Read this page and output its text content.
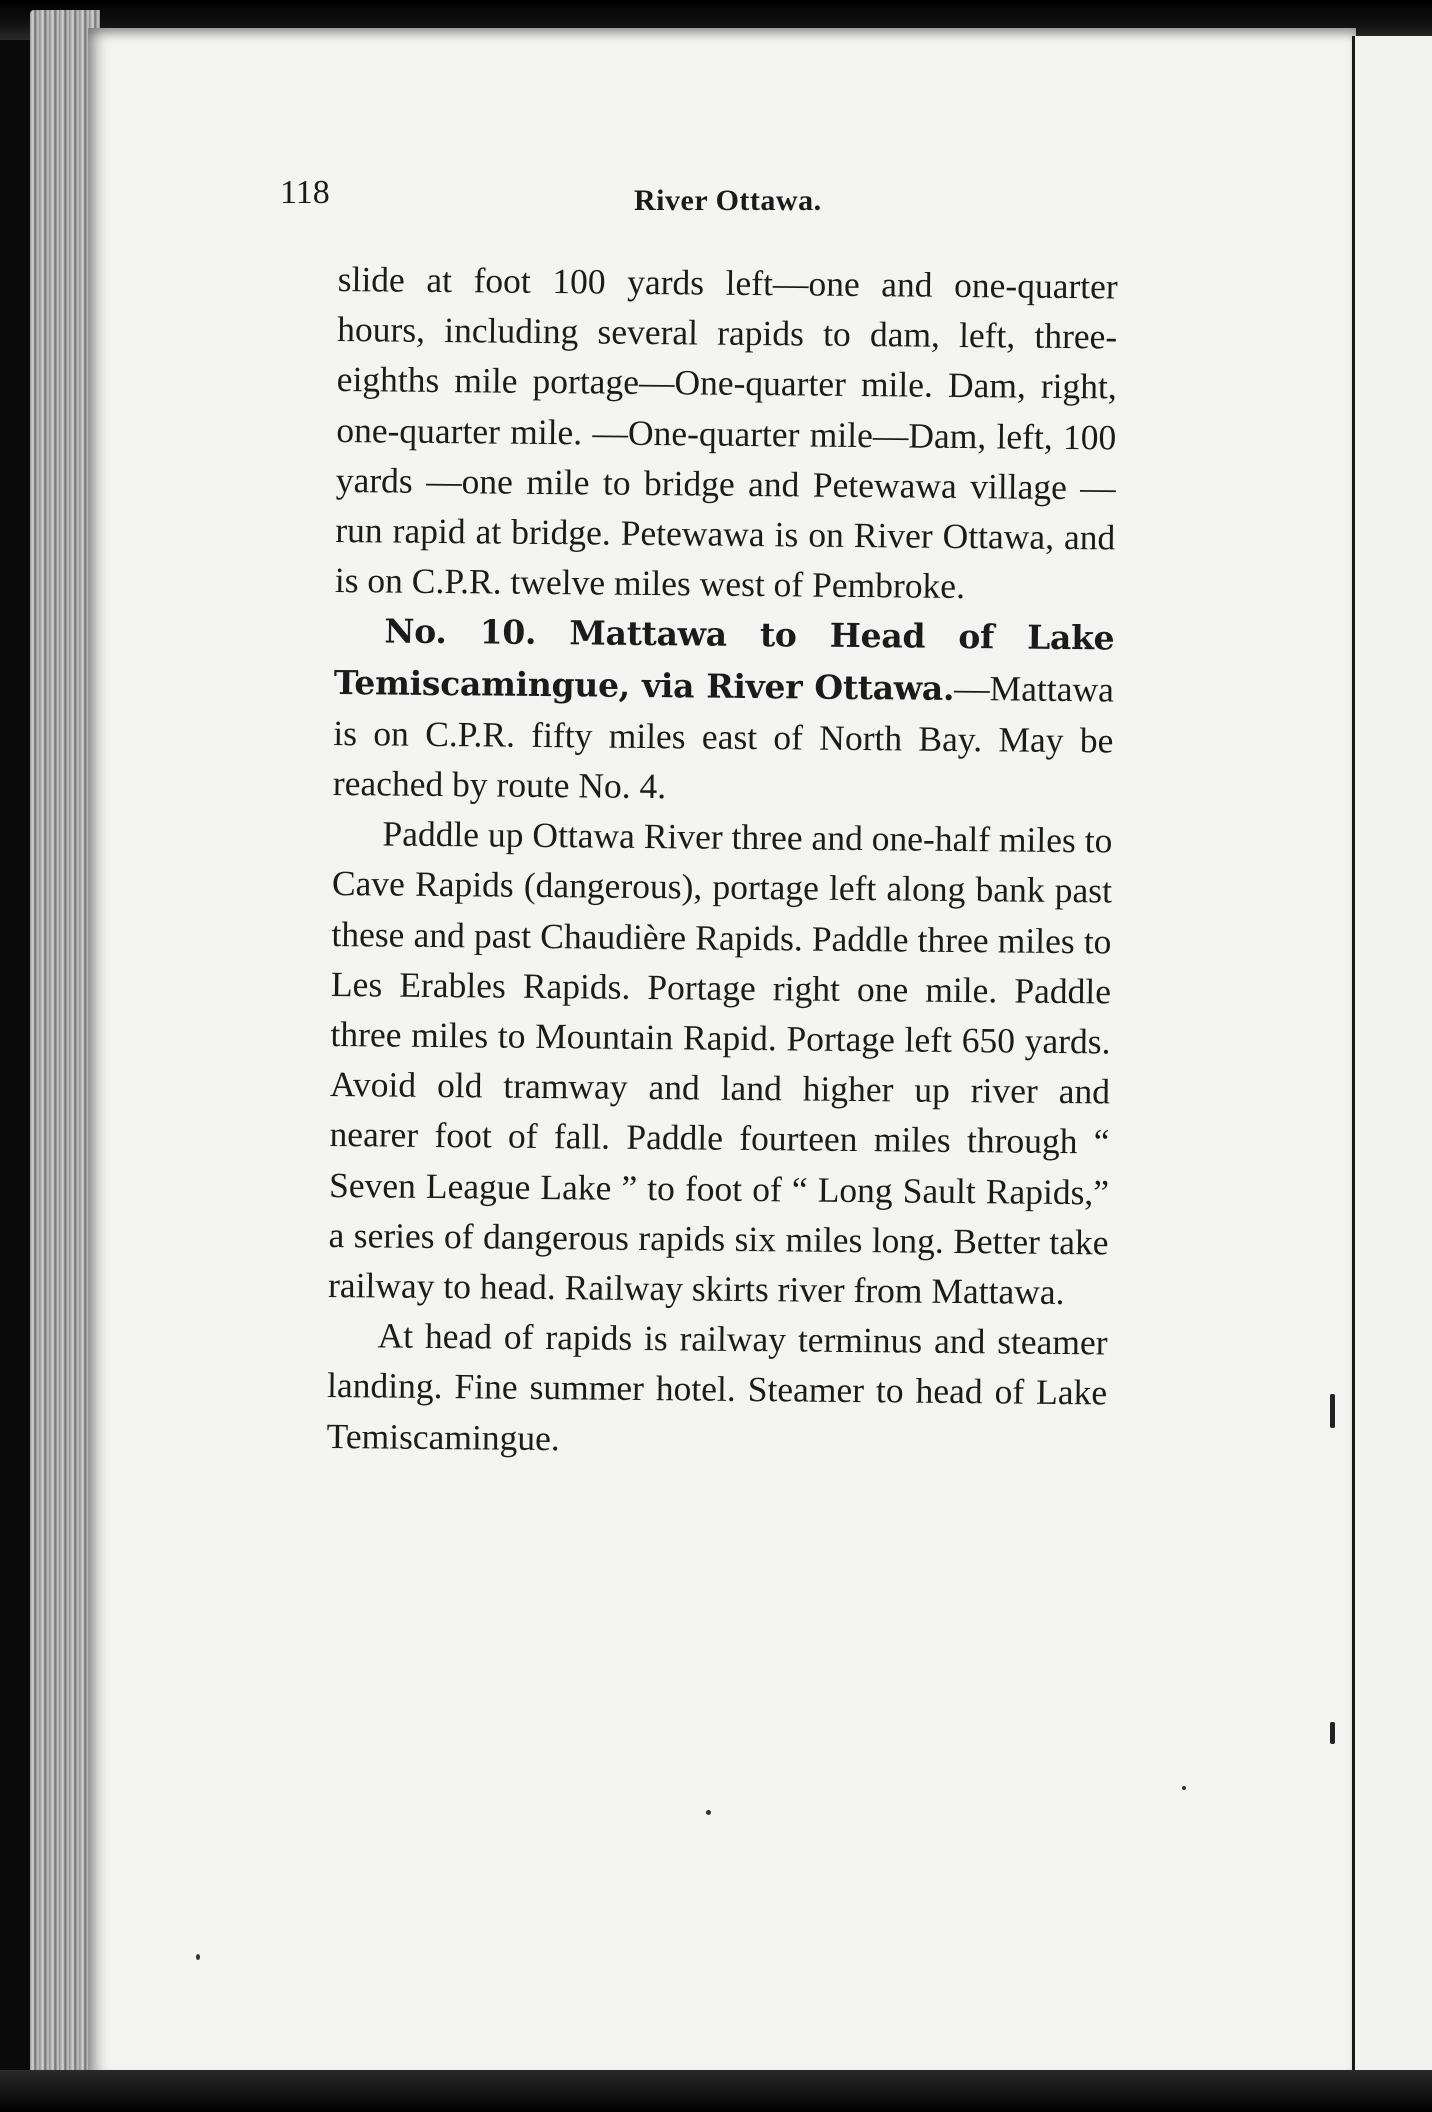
118	River Ottawa.

slide at foot 100 yards left—one and one-quarter hours, including several rapids to dam, left, three-eighths mile portage—One-quarter mile. Dam, right, one-quarter mile. —One-quarter mile—Dam, left, 100 yards —one mile to bridge and Petewawa village —run rapid at bridge. Petewawa is on River Ottawa, and is on C.P.R. twelve miles west of Pembroke.

No. 10. Mattawa to Head of Lake Temiscamingue, via River Ottawa.—Mattawa is on C.P.R. fifty miles east of North Bay. May be reached by route No. 4.

Paddle up Ottawa River three and one-half miles to Cave Rapids (dangerous), portage left along bank past these and past Chaudière Rapids. Paddle three miles to Les Erables Rapids. Portage right one mile. Paddle three miles to Mountain Rapid. Portage left 650 yards. Avoid old tramway and land higher up river and nearer foot of fall. Paddle fourteen miles through “ Seven League Lake ” to foot of “ Long Sault Rapids,” a series of dangerous rapids six miles long. Better take railway to head. Railway skirts river from Mattawa.

At head of rapids is railway terminus and steamer landing. Fine summer hotel. Steamer to head of Lake Temiscamingue.
